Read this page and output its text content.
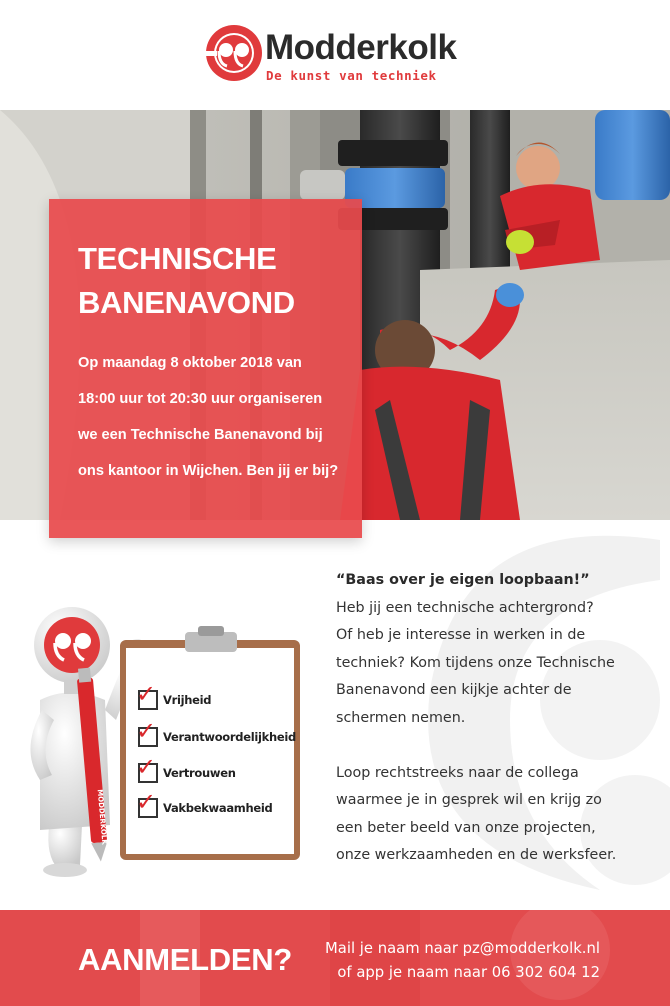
Modderkolk
De kunst van techniek
TECHNISCHE
BANENAVOND
Op maandag 8 oktober 2018 van
18:00 uur tot 20:30 uur organiseren
we een Technische Banenavond bij
ons kantoor in Wijchen. Ben jij er bij?
MODDERKOLK
✓ Vrijheid
✓ Verantwoordelijkheid
✓ Vertrouwen
✓ Vakbekwaamheid
“Baas over je eigen loopbaan!”
Heb jij een technische achtergrond?
Of heb je interesse in werken in de
techniek? Kom tijdens onze Technische
Banenavond een kijkje achter de
schermen nemen.
Loop rechtstreeks naar de collega
waarmee je in gesprek wil en krijg zo
een beter beeld van onze projecten,
onze werkzaamheden en de werksfeer.
AANMELDEN? Mail je naam naar pz@modderkolk.nl
of app je naam naar 06 302 604 12
